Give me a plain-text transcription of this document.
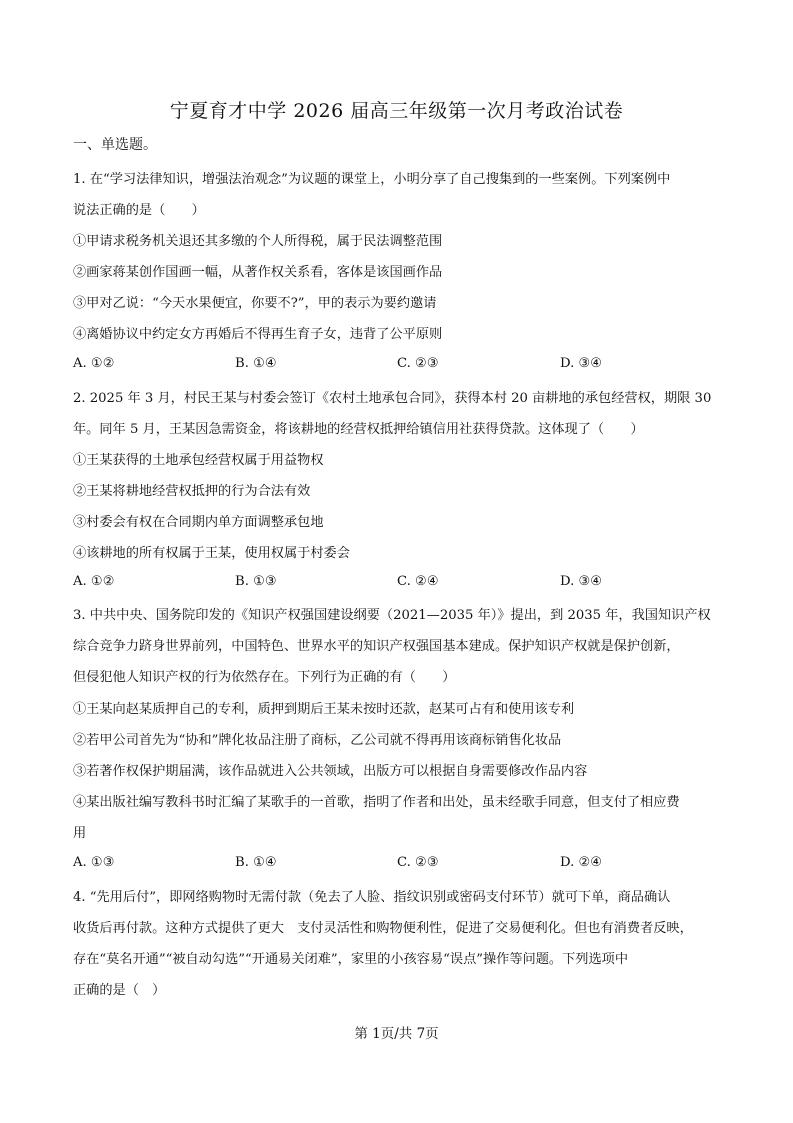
宁夏育才中学 2026 届高三年级第一次月考政治试卷
一、单选题。
1. 在“学习法律知识，增强法治观念”为议题的课堂上，小明分享了自己搜集到的一些案例。下列案例中
说法正确的是（　　）
①甲请求税务机关退还其多缴的个人所得税，属于民法调整范围
②画家蒋某创作国画一幅，从著作权关系看，客体是该国画作品
③甲对乙说：“今天水果便宜，你要不?”，甲的表示为要约邀请
④离婚协议中约定女方再婚后不得再生育子女，违背了公平原则
A. ①②	B. ①④	C. ②③	D. ③④
2. 2025 年 3 月，村民王某与村委会签订《农村土地承包合同》，获得本村 20 亩耕地的承包经营权，期限 30
年。同年 5 月，王某因急需资金，将该耕地的经营权抵押给镇信用社获得贷款。这体现了（　　）
①王某获得的土地承包经营权属于用益物权
②王某将耕地经营权抵押的行为合法有效
③村委会有权在合同期内单方面调整承包地
④该耕地的所有权属于王某，使用权属于村委会
A. ①②	B. ①③	C. ②④	D. ③④
3. 中共中央、国务院印发的《知识产权强国建设纲要（2021—2035 年）》提出，到 2035 年，我国知识产权
综合竞争力跻身世界前列，中国特色、世界水平的知识产权强国基本建成。保护知识产权就是保护创新，
但侵犯他人知识产权的行为依然存在。下列行为正确的有（　　）
①王某向赵某质押自己的专利，质押到期后王某未按时还款，赵某可占有和使用该专利
②若甲公司首先为“协和”牌化妆品注册了商标，乙公司就不得再用该商标销售化妆品
③若著作权保护期届满，该作品就进入公共领域，出版方可以根据自身需要修改作品内容
④某出版社编写教科书时汇编了某歌手的一首歌，指明了作者和出处，虽未经歌手同意，但支付了相应费
用
A. ①③	B. ①④	C. ②③	D. ②④
4. “先用后付”，即网络购物时无需付款（免去了人脸、指纹识别或密码支付环节）就可下单，商品确认
收货后再付款。这种方式提供了更大　支付灵活性和购物便利性，促进了交易便利化。但也有消费者反映，
存在“莫名开通”“被自动勾选”“开通易关闭难”，家里的小孩容易“误点”操作等问题。下列选项中
正确的是（　）
第 1页/共 7页
